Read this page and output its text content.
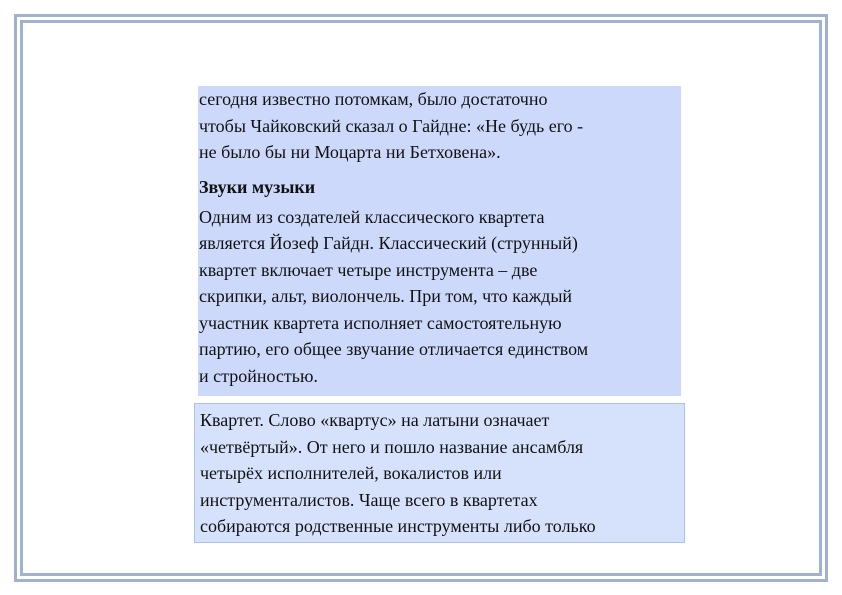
сегодня известно потомкам, было достаточно
чтобы Чайковский сказал о Гайдне: «Не будь его -
не было бы ни Моцарта ни Бетховена».
Звуки музыки
Одним из создателей классического квартета
является Йозеф Гайдн. Классический (струнный)
квартет включает четыре инструмента – две
скрипки, альт, виолончель. При том, что каждый
участник квартета исполняет самостоятельную
партию, его общее звучание отличается единством
и стройностью.
Квартет. Слово «квартус» на латыни означает
«четвёртый». От него и пошло название ансамбля
четырёх исполнителей, вокалистов или
инструменталистов. Чаще всего в квартетах
собираются родственные инструменты либо только
